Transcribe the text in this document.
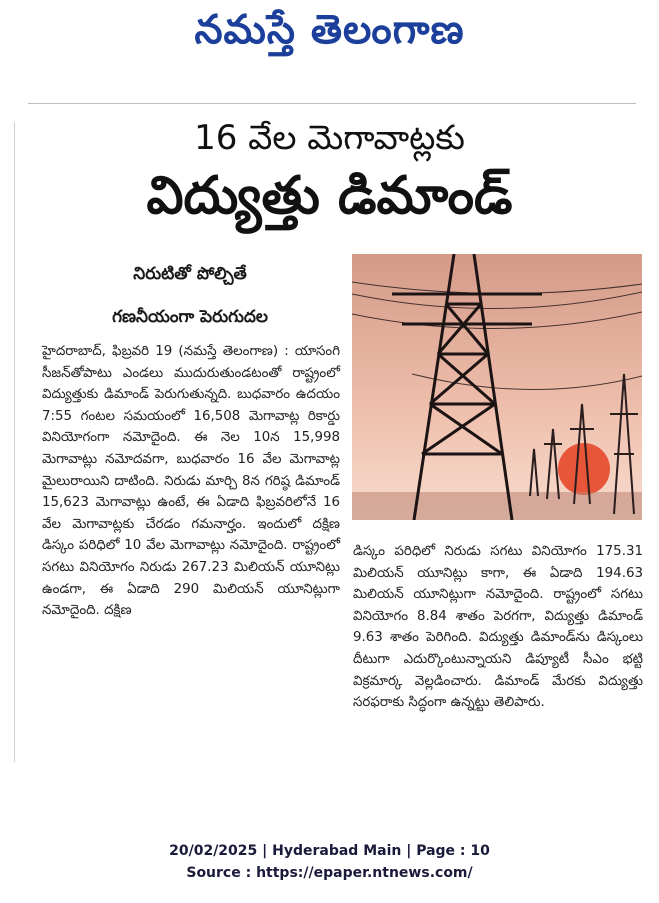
నమస్తే తెలంగాణ
16 వేల మెగావాట్లకు
విద్యుత్తు డిమాండ్
నిరుటితో పోల్చితే
గణనీయంగా పెరుగుదల
హైదరాబాద్, ఫిబ్రవరి 19 (నమస్తే తెలంగాణ) : యాసంగి సీజన్‌తోపాటు ఎండలు ముదురుతుండటంతో రాష్ట్రంలో విద్యుత్తుకు డిమాండ్ పెరుగుతున్నది. బుధవారం ఉదయం 7:55 గంటల సమయంలో 16,508 మెగావాట్ల రికార్డు వినియోగంగా నమోదైంది. ఈ నెల 10న 15,998 మెగావాట్లు నమోదవగా, బుధవారం 16 వేల మెగావాట్ల మైలురాయిని దాటింది. నిరుడు మార్చి 8న గరిష్ఠ డిమాండ్ 15,623 మెగావాట్లు ఉంటే, ఈ ఏడాది ఫిబ్రవరిలోనే 16 వేల మెగావాట్లకు చేరడం గమనార్హం. ఇందులో దక్షిణ డిస్కం పరిధిలో 10 వేల మెగావాట్లు నమోదైంది. రాష్ట్రంలో సగటు వినియోగం నిరుడు 267.23 మిలియన్ యూనిట్లు ఉండగా, ఈ ఏడాది 290 మిలియన్ యూనిట్లుగా నమోదైంది. దక్షిణ
డిస్కం పరిధిలో నిరుడు సగటు వినియోగం 175.31 మిలియన్ యూనిట్లు కాగా, ఈ ఏడాది 194.63 మిలియన్ యూనిట్లుగా నమోదైంది. రాష్ట్రంలో సగటు వినియోగం 8.84 శాతం పెరగగా, విద్యుత్తు డిమాండ్ 9.63 శాతం పెరిగింది. విద్యుత్తు డిమాండ్‌ను డిస్కంలు దీటుగా ఎదుర్కొంటున్నాయని డిప్యూటీ సీఎం భట్టి విక్రమార్క వెల్లడించారు. డిమాండ్ మేరకు విద్యుత్తు సరఫరాకు సిద్ధంగా ఉన్నట్టు తెలిపారు.
20/02/2025 | Hyderabad Main | Page : 10
Source : https://epaper.ntnews.com/
